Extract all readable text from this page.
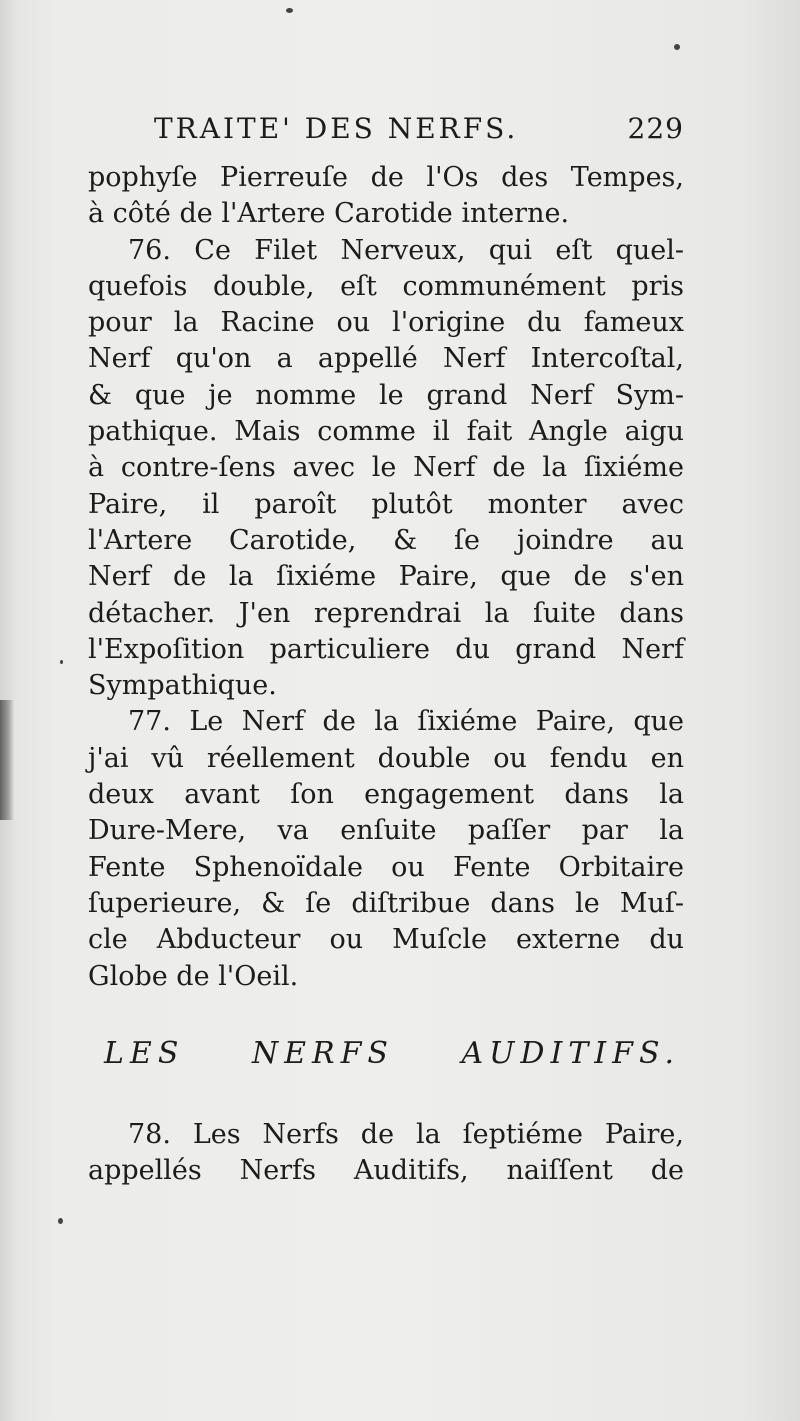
TRAITE' DES NERFS.	229
pophyſe Pierreuſe de l'Os des Tempes,
à côté de l'Artere Carotide interne.
76. Ce Filet Nerveux, qui eſt quel-
quefois double, eſt communément pris
pour la Racine ou l'origine du fameux
Nerf qu'on a appellé Nerf Intercoſtal,
& que je nomme le grand Nerf Sym-
pathique. Mais comme il fait Angle aigu
à contre-ſens avec le Nerf de la ſixiéme
Paire, il paroît plutôt monter avec
l'Artere Carotide, & ſe joindre au
Nerf de la ſixiéme Paire, que de s'en
détacher. J'en reprendrai la ſuite dans
l'Expoſition particuliere du grand Nerf
Sympathique.
77. Le Nerf de la ſixiéme Paire, que
j'ai vû réellement double ou fendu en
deux avant ſon engagement dans la
Dure-Mere, va enſuite paſſer par la
Fente Sphenoïdale ou Fente Orbitaire
ſuperieure, & ſe diſtribue dans le Muſ-
cle Abducteur ou Muſcle externe du
Globe de l'Oeil.
LES NERFS AUDITIFS.
78. Les Nerfs de la ſeptiéme Paire,
appellés Nerfs Auditifs, naiſſent de
